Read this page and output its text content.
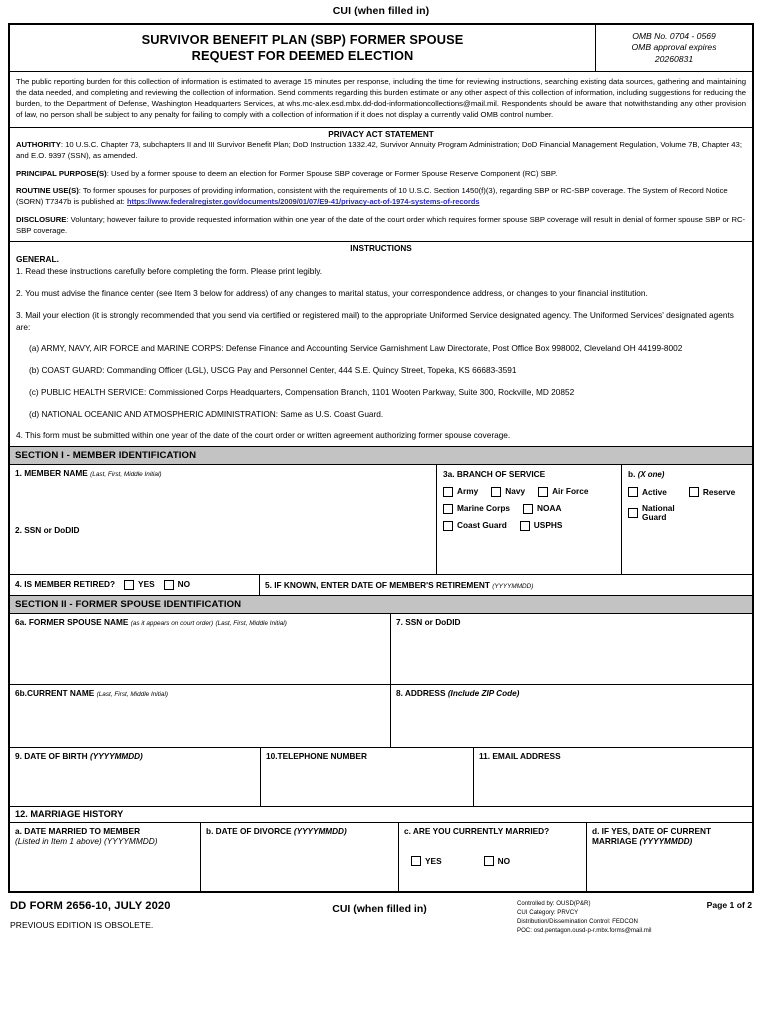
CUI (when filled in)
SURVIVOR BENEFIT PLAN (SBP) FORMER SPOUSE
REQUEST FOR DEEMED ELECTION
OMB No. 0704 - 0569
OMB approval expires
20260831
The public reporting burden for this collection of information is estimated to average 15 minutes per response, including the time for reviewing instructions, searching existing data sources, gathering and maintaining the data needed, and completing and reviewing the collection of information. Send comments regarding this burden estimate or any other aspect of this collection of information, including suggestions for reducing the burden, to the Department of Defense, Washington Headquarters Services, at whs.mc-alex.esd.mbx.dd-dod-informationcollections@mail.mil. Respondents should be aware that notwithstanding any other provision of law, no person shall be subject to any penalty for failing to comply with a collection of information if it does not display a currently valid OMB control number.
PRIVACY ACT STATEMENT

AUTHORITY: 10 U.S.C. Chapter 73, subchapters II and III Survivor Benefit Plan; DoD Instruction 1332.42, Survivor Annuity Program Administration; DoD Financial Management Regulation, Volume 7B, Chapter 43; and E.O. 9397 (SSN), as amended.

PRINCIPAL PURPOSE(S): Used by a former spouse to deem an election for Former Spouse SBP coverage or Former Spouse Reserve Component (RC) SBP.

ROUTINE USE(S): To former spouses for purposes of providing information, consistent with the requirements of 10 U.S.C. Section 1450(f)(3), regarding SBP or RC-SBP coverage. The System of Record Notice (SORN) T7347b is published at: https://www.federalregister.gov/documents/2009/01/07/E9-41/privacy-act-of-1974-systems-of-records

DISCLOSURE: Voluntary; however failure to provide requested information within one year of the date of the court order which requires former spouse SBP coverage will result in denial of former spouse SBP or RC-SBP coverage.

INSTRUCTIONS
GENERAL.

1. Read these instructions carefully before completing the form. Please print legibly.

2. You must advise the finance center (see Item 3 below for address) of any changes to marital status, your correspondence address, or changes to your financial institution.

3. Mail your election (it is strongly recommended that you send via certified or registered mail) to the appropriate Uniformed Service designated agency. The Uniformed Services' designated agents are:

(a) ARMY, NAVY, AIR FORCE and MARINE CORPS: Defense Finance and Accounting Service Garnishment Law Directorate, Post Office Box 998002, Cleveland OH 44199-8002

(b) COAST GUARD: Commanding Officer (LGL), USCG Pay and Personnel Center, 444 S.E. Quincy Street, Topeka, KS 66683-3591

(c) PUBLIC HEALTH SERVICE: Commissioned Corps Headquarters, Compensation Branch, 1101 Wooten Parkway, Suite 300, Rockville, MD 20852

(d) NATIONAL OCEANIC AND ATMOSPHERIC ADMINISTRATION: Same as U.S. Coast Guard.

4. This form must be submitted within one year of the date of the court order or written agreement authorizing former spouse coverage.

SECTION I - MEMBER IDENTIFICATION
1. MEMBER NAME (Last, First, Middle Initial)
2. SSN or DoDID
3a. BRANCH OF SERVICE
Army	Navy	Air Force
Marine Corps	NOAA
Coast Guard	USPHS
b. (X one)
Active	Reserve
National Guard
4. IS MEMBER RETIRED?	YES	NO	5. IF KNOWN, ENTER DATE OF MEMBER'S RETIREMENT (YYYYMMDD)
SECTION II - FORMER SPOUSE IDENTIFICATION
6a. FORMER SPOUSE NAME (as it appears on court order) (Last, First, Middle Initial)	7. SSN or DoDID
6b.CURRENT NAME (Last, First, Middle Initial)	8. ADDRESS (Include ZIP Code)
9. DATE OF BIRTH (YYYYMMDD)	10.TELEPHONE NUMBER	11. EMAIL ADDRESS
12. MARRIAGE HISTORY
a. DATE MARRIED TO MEMBER
(Listed in Item 1 above) (YYYYMMDD)
b. DATE OF DIVORCE (YYYYMMDD)	c. ARE YOU CURRENTLY MARRIED?
YES	NO
d. IF YES, DATE OF CURRENT MARRIAGE (YYYYMMDD)
DD FORM 2656-10, JULY 2020
PREVIOUS EDITION IS OBSOLETE.
CUI (when filled in)	Controlled by: OUSD(P&R)
CUI Category: PRVCY
Distribution/Dissemination Control: FEDCON
POC: osd.pentagon.ousd-p-r.mbx.forms@mail.mil
Page 1 of 2
